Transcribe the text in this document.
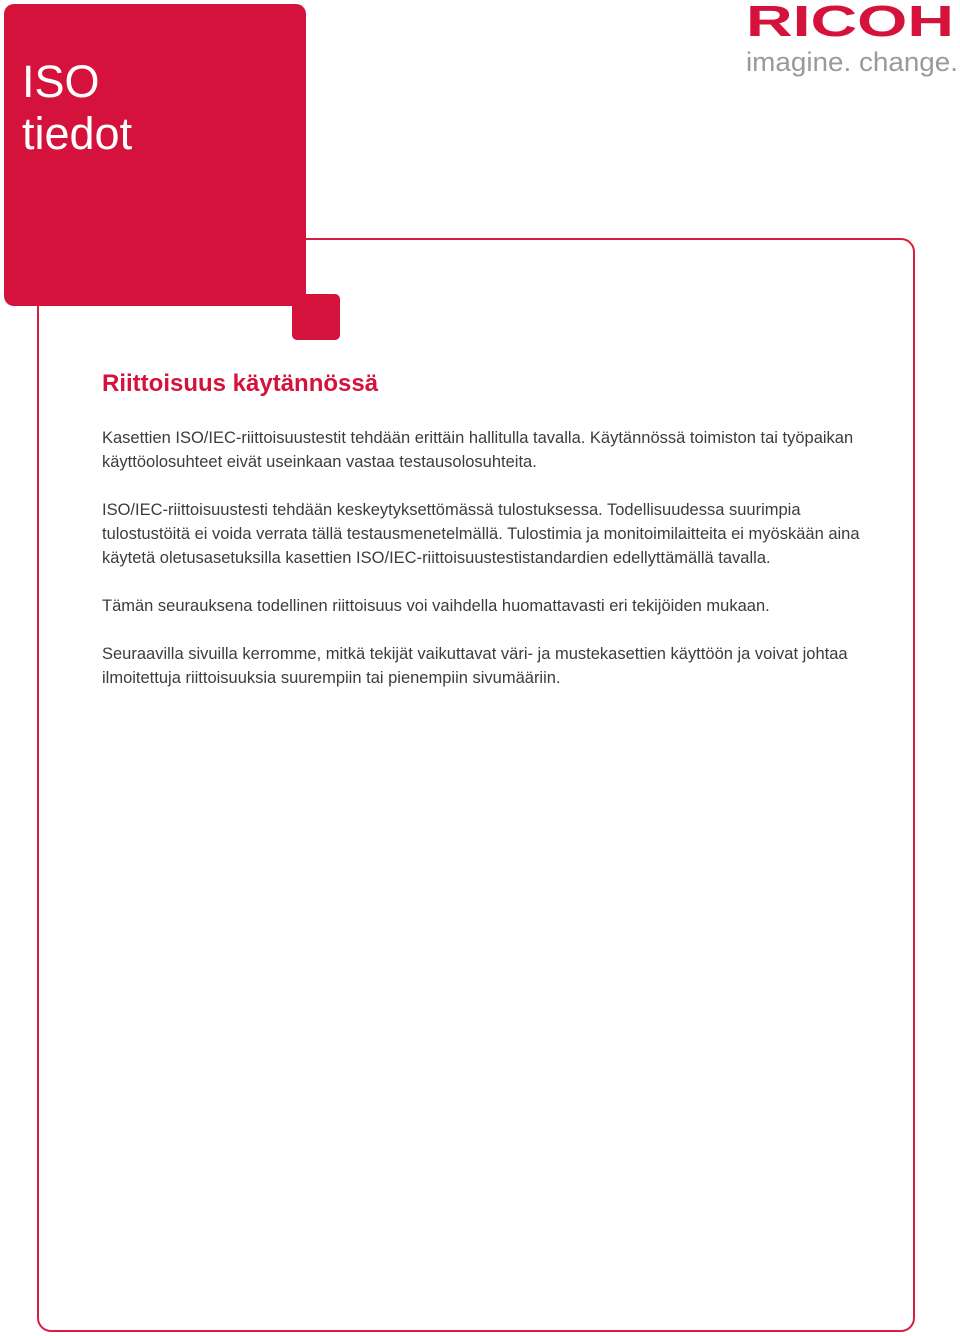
ISO
tiedot
RICOH
imagine. change.
Riittoisuus käytännössä

Kasettien ISO/IEC-riittoisuustestit tehdään erittäin hallitulla tavalla. Käytännössä toimiston tai työpaikan käyttöolosuhteet eivät useinkaan vastaa testausolosuhteita.

ISO/IEC-riittoisuustesti tehdään keskeytyksettömässä tulostuksessa. Todellisuudessa suurimpia tulostustöitä ei voida verrata tällä testausmenetelmällä. Tulostimia ja monitoimilaitteita ei myöskään aina käytetä oletusasetuksilla kasettien ISO/IEC-riittoisuustestistandardien edellyttämällä tavalla.

Tämän seurauksena todellinen riittoisuus voi vaihdella huomattavasti eri tekijöiden mukaan.

Seuraavilla sivuilla kerromme, mitkä tekijät vaikuttavat väri- ja mustekasettien käyttöön ja voivat johtaa ilmoitettuja riittoisuuksia suurempiin tai pienempiin sivumääriin.
